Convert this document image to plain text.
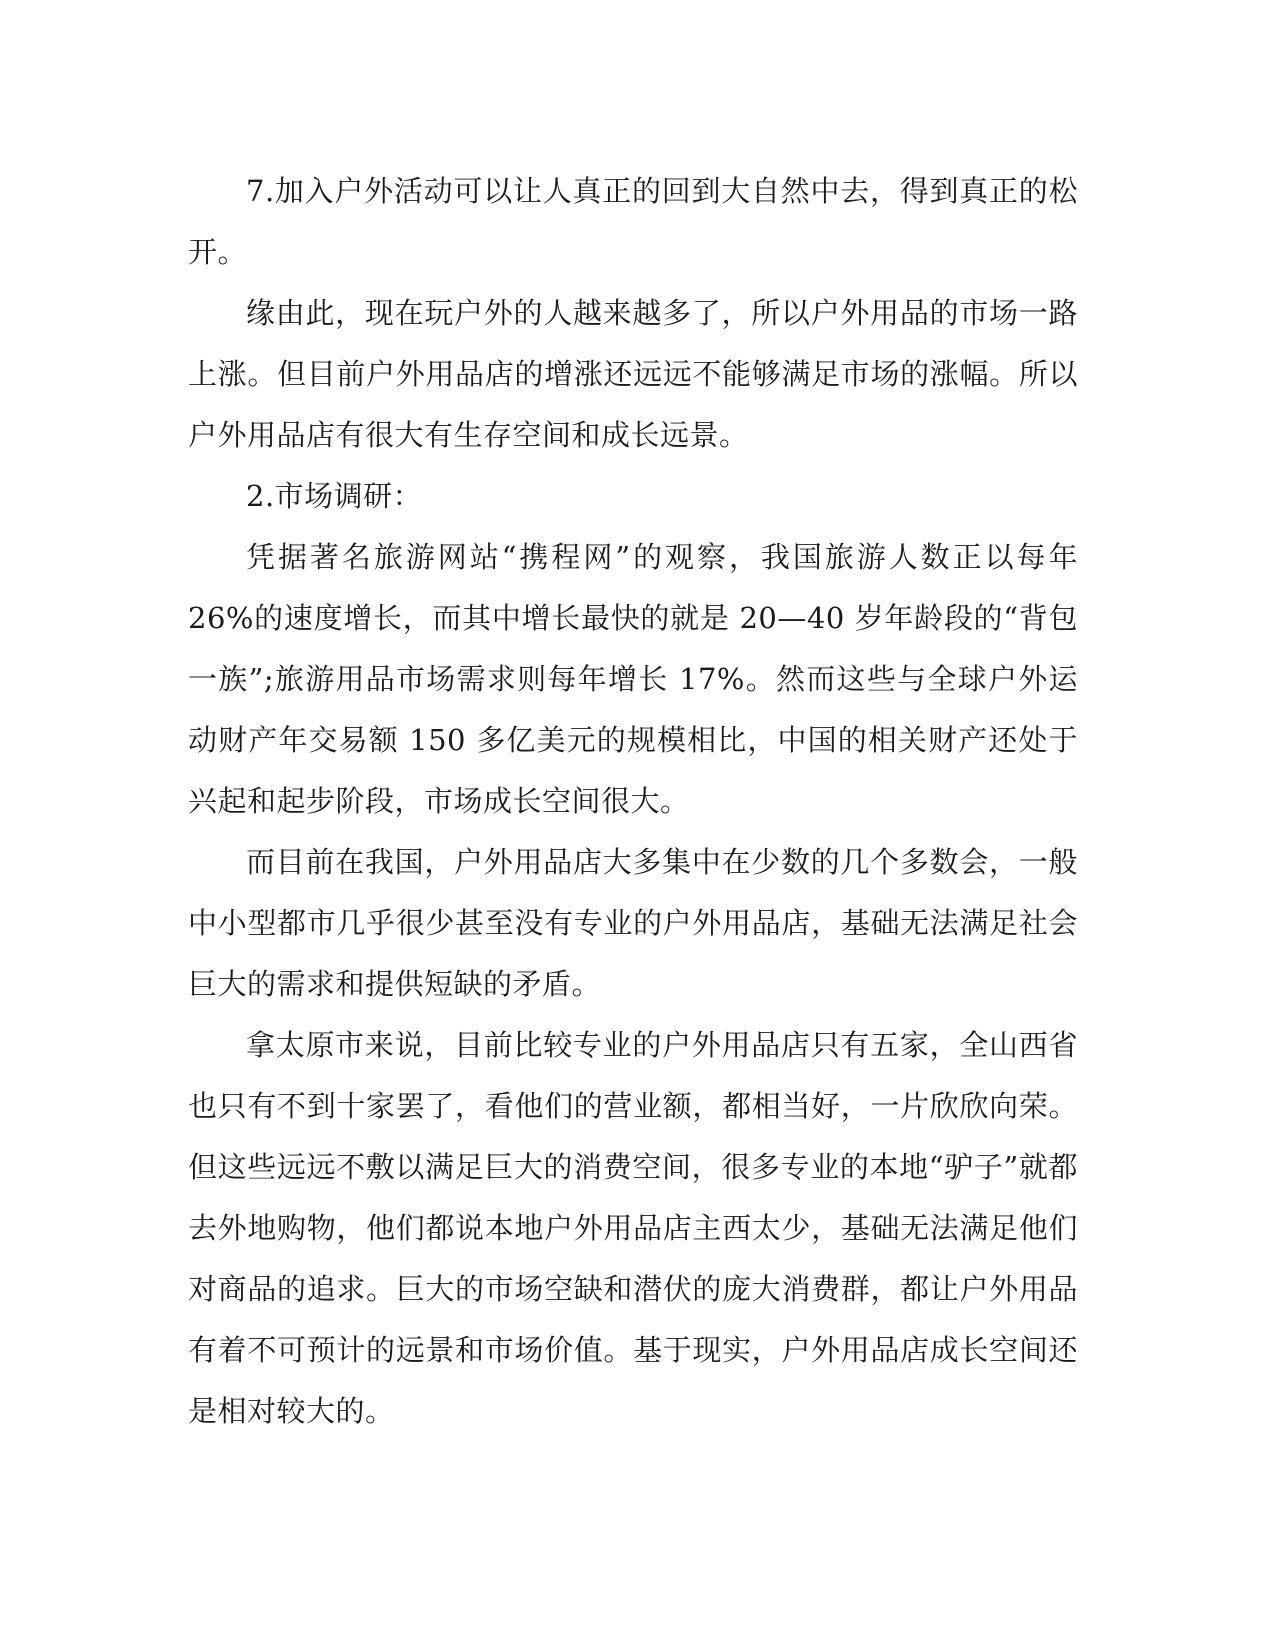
7.加入户外活动可以让人真正的回到大自然中去，得到真正的松开。

缘由此，现在玩户外的人越来越多了，所以户外用品的市场一路上涨。但目前户外用品店的增涨还远远不能够满足市场的涨幅。所以户外用品店有很大有生存空间和成长远景。

2.市场调研：

凭据著名旅游网站“携程网”的观察，我国旅游人数正以每年 26%的速度增长，而其中增长最快的就是 20—40 岁年龄段的“背包一族”;旅游用品市场需求则每年增长 17%。然而这些与全球户外运动财产年交易额 150 多亿美元的规模相比，中国的相关财产还处于兴起和起步阶段，市场成长空间很大。

而目前在我国，户外用品店大多集中在少数的几个多数会，一般中小型都市几乎很少甚至没有专业的户外用品店，基础无法满足社会巨大的需求和提供短缺的矛盾。

拿太原市来说，目前比较专业的户外用品店只有五家，全山西省也只有不到十家罢了，看他们的营业额，都相当好，一片欣欣向荣。但这些远远不敷以满足巨大的消费空间，很多专业的本地“驴子”就都去外地购物，他们都说本地户外用品店主西太少，基础无法满足他们对商品的追求。巨大的市场空缺和潜伏的庞大消费群，都让户外用品有着不可预计的远景和市场价值。基于现实，户外用品店成长空间还是相对较大的。
